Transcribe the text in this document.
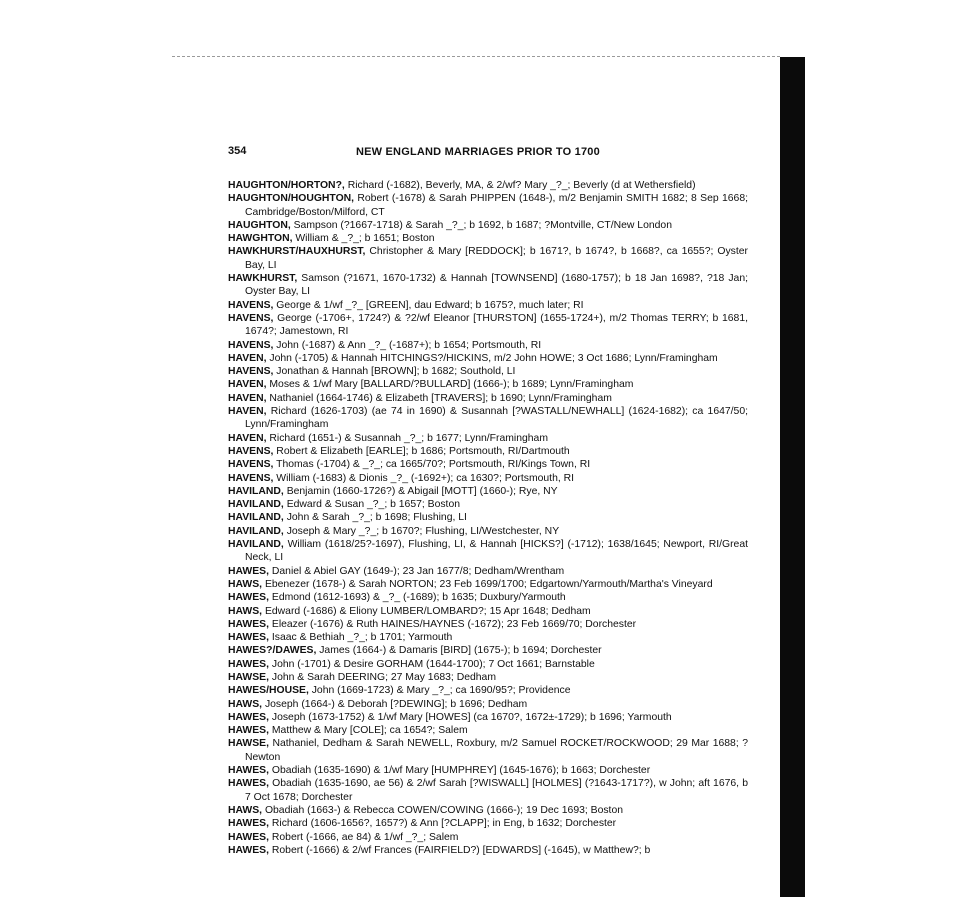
354	NEW ENGLAND MARRIAGES PRIOR TO 1700

HAUGHTON/HORTON?, Richard (-1682), Beverly, MA, & 2/wf? Mary _?_; Beverly (d at Wethersfield)

HAUGHTON/HOUGHTON, Robert (-1678) & Sarah PHIPPEN (1648-), m/2 Benjamin SMITH 1682; 8 Sep 1668; Cambridge/Boston/Milford, CT

HAUGHTON, Sampson (?1667-1718) & Sarah _?_; b 1692, b 1687; ?Montville, CT/New London

HAWGHTON, William & _?_; b 1651; Boston

HAWKHURST/HAUXHURST, Christopher & Mary [REDDOCK]; b 1671?, b 1674?, b 1668?, ca 1655?; Oyster Bay, LI

HAWKHURST, Samson (?1671, 1670-1732) & Hannah [TOWNSEND] (1680-1757); b 18 Jan 1698?, ?18 Jan; Oyster Bay, LI

HAVENS, George & 1/wf _?_ [GREEN], dau Edward; b 1675?, much later; RI

HAVENS, George (-1706+, 1724?) & ?2/wf Eleanor [THURSTON] (1655-1724+), m/2 Thomas TERRY; b 1681, 1674?; Jamestown, RI

HAVENS, John (-1687) & Ann _?_ (-1687+); b 1654; Portsmouth, RI

HAVEN, John (-1705) & Hannah HITCHINGS?/HICKINS, m/2 John HOWE; 3 Oct 1686; Lynn/Framingham

HAVENS, Jonathan & Hannah [BROWN]; b 1682; Southold, LI

HAVEN, Moses & 1/wf Mary [BALLARD/?BULLARD] (1666-); b 1689; Lynn/Framingham

HAVEN, Nathaniel (1664-1746) & Elizabeth [TRAVERS]; b 1690; Lynn/Framingham

HAVEN, Richard (1626-1703) (ae 74 in 1690) & Susannah [?WASTALL/NEWHALL] (1624-1682); ca 1647/50; Lynn/Framingham

HAVEN, Richard (1651-) & Susannah _?_; b 1677; Lynn/Framingham

HAVENS, Robert & Elizabeth [EARLE]; b 1686; Portsmouth, RI/Dartmouth

HAVENS, Thomas (-1704) & _?_; ca 1665/70?; Portsmouth, RI/Kings Town, RI

HAVENS, William (-1683) & Dionis _?_ (-1692+); ca 1630?; Portsmouth, RI

HAVILAND, Benjamin (1660-1726?) & Abigail [MOTT] (1660-); Rye, NY

HAVILAND, Edward & Susan _?_; b 1657; Boston

HAVILAND, John & Sarah _?_; b 1698; Flushing, LI

HAVILAND, Joseph & Mary _?_; b 1670?; Flushing, LI/Westchester, NY

HAVILAND, William (1618/25?-1697), Flushing, LI, & Hannah [HICKS?] (-1712); 1638/1645; Newport, RI/Great Neck, LI

HAWES, Daniel & Abiel GAY (1649-); 23 Jan 1677/8; Dedham/Wrentham

HAWS, Ebenezer (1678-) & Sarah NORTON; 23 Feb 1699/1700; Edgartown/Yarmouth/Martha's Vineyard

HAWES, Edmond (1612-1693) & _?_ (-1689); b 1635; Duxbury/Yarmouth

HAWS, Edward (-1686) & Eliony LUMBER/LOMBARD?; 15 Apr 1648; Dedham

HAWES, Eleazer (-1676) & Ruth HAINES/HAYNES (-1672); 23 Feb 1669/70; Dorchester

HAWES, Isaac & Bethiah _?_; b 1701; Yarmouth

HAWES?/DAWES, James (1664-) & Damaris [BIRD] (1675-); b 1694; Dorchester

HAWES, John (-1701) & Desire GORHAM (1644-1700); 7 Oct 1661; Barnstable

HAWSE, John & Sarah DEERING; 27 May 1683; Dedham

HAWES/HOUSE, John (1669-1723) & Mary _?_; ca 1690/95?; Providence

HAWS, Joseph (1664-) & Deborah [?DEWING]; b 1696; Dedham

HAWES, Joseph (1673-1752) & 1/wf Mary [HOWES] (ca 1670?, 1672±-1729); b 1696; Yarmouth

HAWES, Matthew & Mary [COLE]; ca 1654?; Salem

HAWSE, Nathaniel, Dedham & Sarah NEWELL, Roxbury, m/2 Samuel ROCKET/ROCKWOOD; 29 Mar 1688; ?Newton

HAWES, Obadiah (1635-1690) & 1/wf Mary [HUMPHREY] (1645-1676); b 1663; Dorchester

HAWES, Obadiah (1635-1690, ae 56) & 2/wf Sarah [?WISWALL] [HOLMES] (?1643-1717?), w John; aft 1676, b 7 Oct 1678; Dorchester

HAWS, Obadiah (1663-) & Rebecca COWEN/COWING (1666-); 19 Dec 1693; Boston

HAWES, Richard (1606-1656?, 1657?) & Ann [?CLAPP]; in Eng, b 1632; Dorchester

HAWES, Robert (-1666, ae 84) & 1/wf _?_; Salem

HAWES, Robert (-1666) & 2/wf Frances (FAIRFIELD?) [EDWARDS] (-1645), w Matthew?; b
